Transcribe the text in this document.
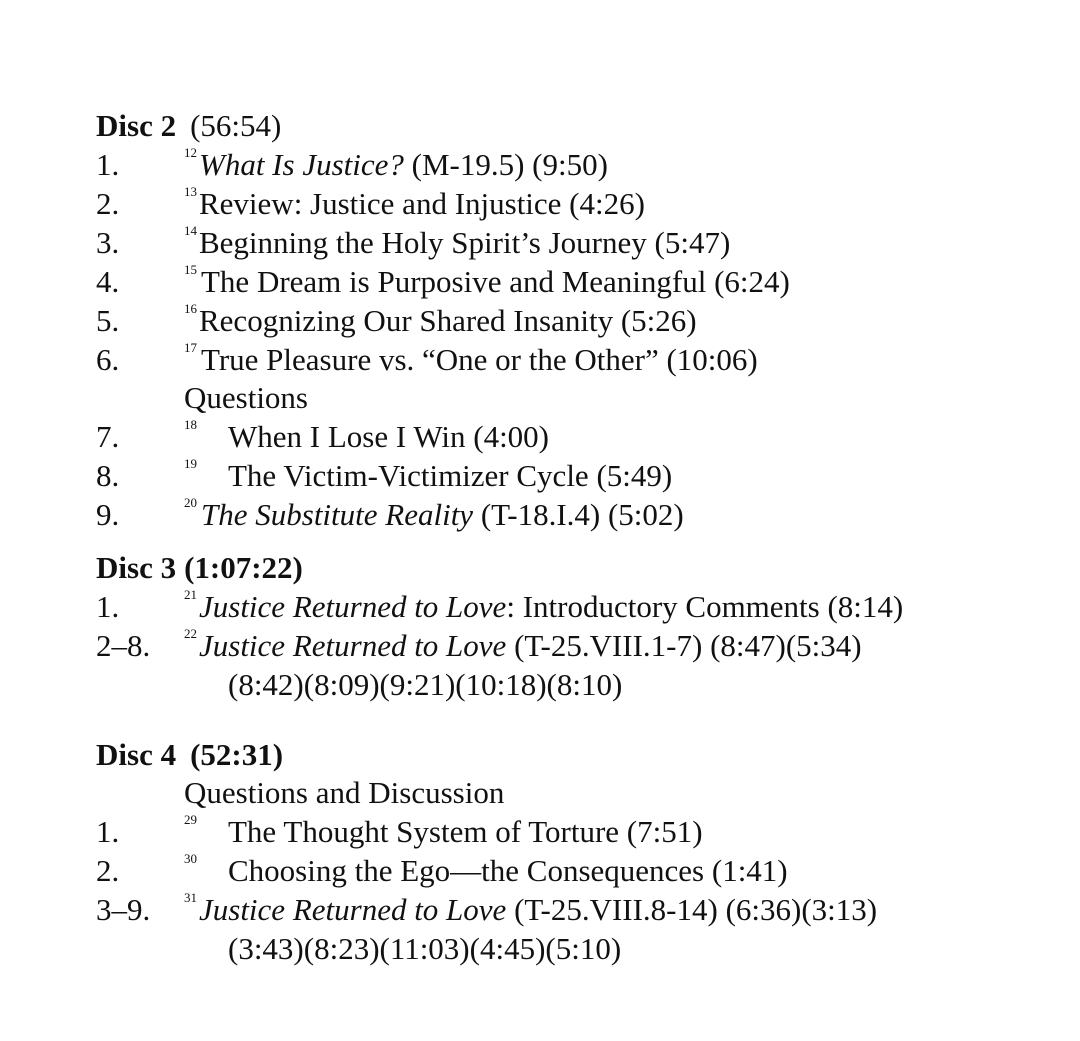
Disc 2 (56:54)
1.	12 What Is Justice? (M-19.5) (9:50)
2.	13 Review: Justice and Injustice (4:26)
3.	14 Beginning the Holy Spirit’s Journey (5:47)
4.	15 The Dream is Purposive and Meaningful (6:24)
5.	16 Recognizing Our Shared Insanity (5:26)
6.	17 True Pleasure vs. “One or the Other” (10:06)
Questions
7.	18 When I Lose I Win (4:00)
8.	19 The Victim-Victimizer Cycle (5:49)
9.	20 The Substitute Reality (T-18.I.4) (5:02)
Disc 3 (1:07:22)
1.	21 Justice Returned to Love: Introductory Comments (8:14)
2–8.	22 Justice Returned to Love (T-25.VIII.1-7) (8:47)(5:34)
(8:42)(8:09)(9:21)(10:18)(8:10)
Disc 4 (52:31)
Questions and Discussion
1.	29 The Thought System of Torture (7:51)
2.	30 Choosing the Ego—the Consequences (1:41)
3–9.	31 Justice Returned to Love (T-25.VIII.8-14) (6:36)(3:13)
(3:43)(8:23)(11:03)(4:45)(5:10)
